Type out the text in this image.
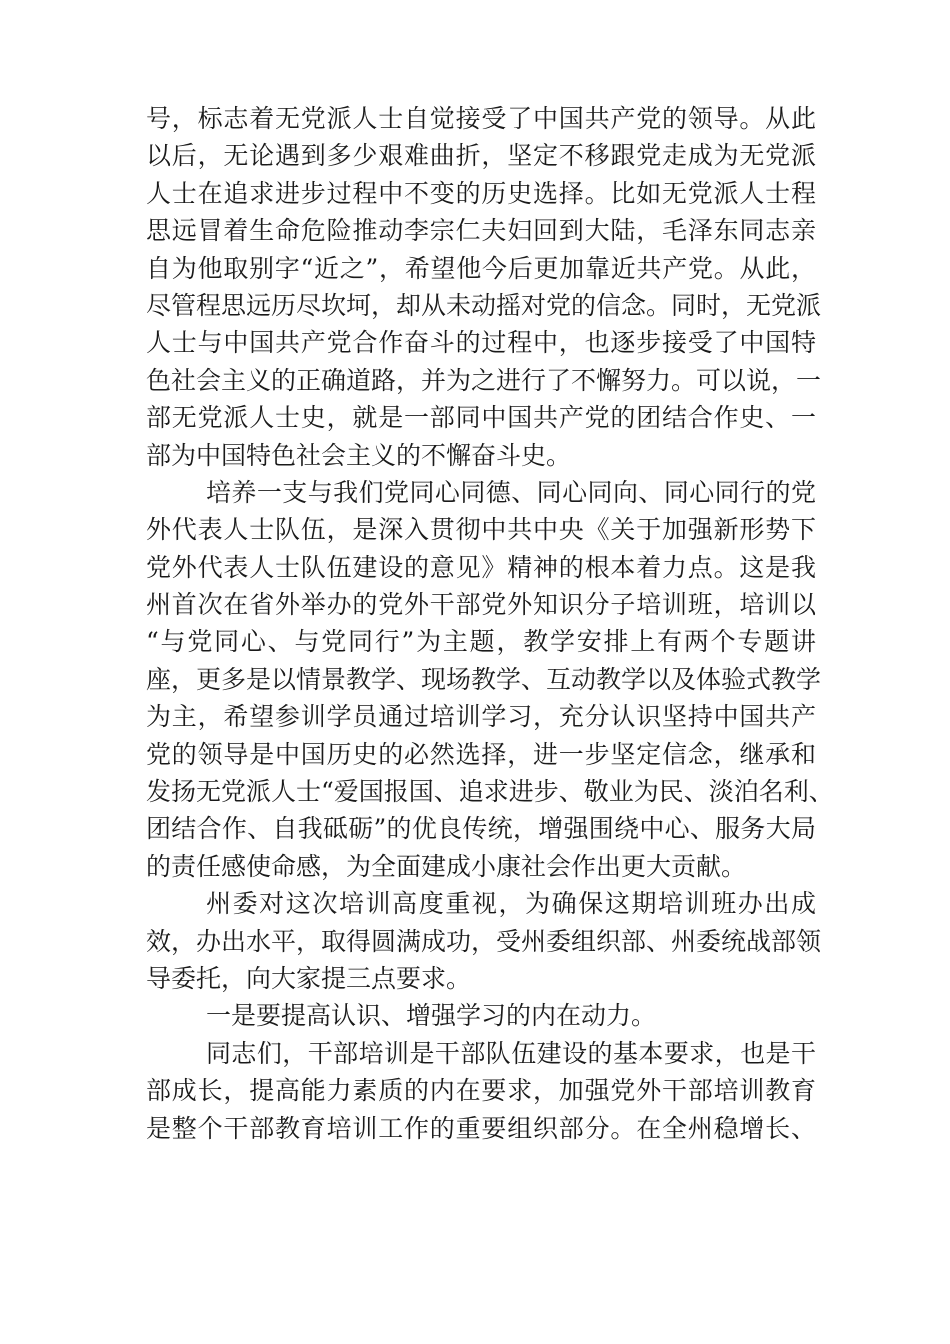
号，标志着无党派人士自觉接受了中国共产党的领导。从此
以后，无论遇到多少艰难曲折，坚定不移跟党走成为无党派
人士在追求进步过程中不变的历史选择。比如无党派人士程
思远冒着生命危险推动李宗仁夫妇回到大陆，毛泽东同志亲
自为他取别字“近之”，希望他今后更加靠近共产党。从此，
尽管程思远历尽坎坷，却从未动摇对党的信念。同时，无党派
人士与中国共产党合作奋斗的过程中，也逐步接受了中国特
色社会主义的正确道路，并为之进行了不懈努力。可以说，一
部无党派人士史，就是一部同中国共产党的团结合作史、一
部为中国特色社会主义的不懈奋斗史。
培养一支与我们党同心同德、同心同向、同心同行的党
外代表人士队伍，是深入贯彻中共中央《关于加强新形势下
党外代表人士队伍建设的意见》精神的根本着力点。这是我
州首次在省外举办的党外干部党外知识分子培训班，培训以
“与党同心、与党同行”为主题，教学安排上有两个专题讲
座，更多是以情景教学、现场教学、互动教学以及体验式教学
为主，希望参训学员通过培训学习，充分认识坚持中国共产
党的领导是中国历史的必然选择，进一步坚定信念，继承和
发扬无党派人士“爱国报国、追求进步、敬业为民、淡泊名利、
团结合作、自我砥砺”的优良传统，增强围绕中心、服务大局
的责任感使命感，为全面建成小康社会作出更大贡献。
州委对这次培训高度重视，为确保这期培训班办出成
效，办出水平，取得圆满成功，受州委组织部、州委统战部领
导委托，向大家提三点要求。
一是要提高认识、增强学习的内在动力。
同志们，干部培训是干部队伍建设的基本要求，也是干
部成长，提高能力素质的内在要求，加强党外干部培训教育
是整个干部教育培训工作的重要组织部分。在全州稳增长、
